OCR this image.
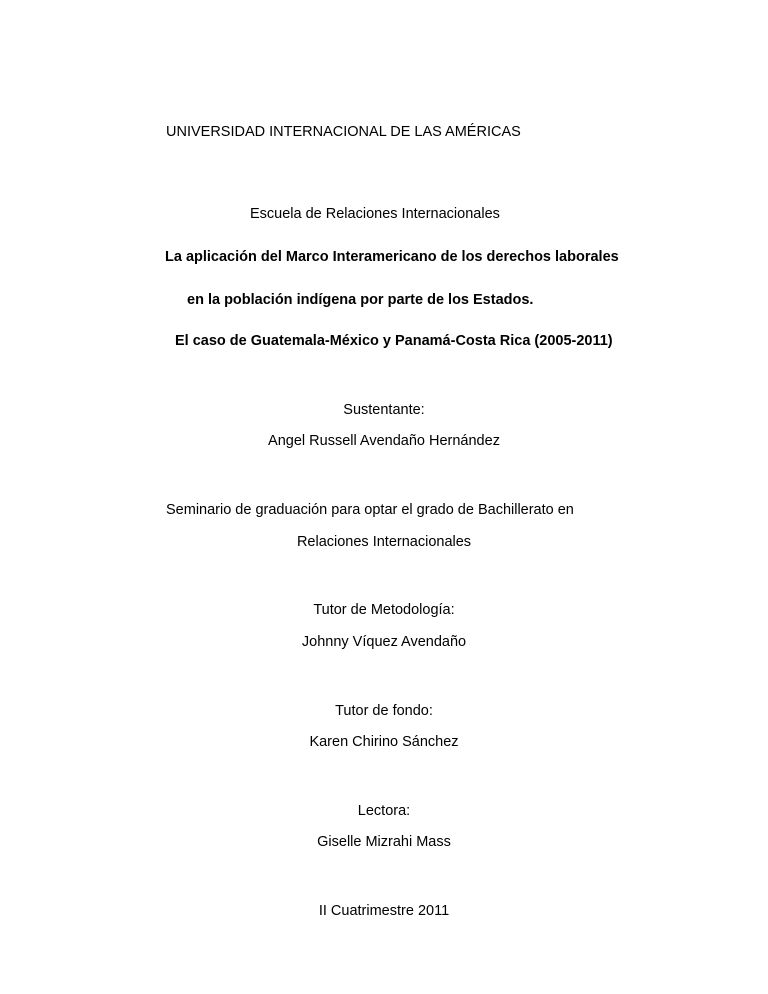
UNIVERSIDAD INTERNACIONAL DE LAS AMÉRICAS
Escuela de Relaciones Internacionales
La aplicación del Marco Interamericano de los derechos laborales
en la población indígena por parte de los Estados.
El caso de Guatemala-México y Panamá-Costa Rica (2005-2011)
Sustentante:
Angel Russell Avendaño Hernández
Seminario de graduación para optar el grado de Bachillerato en
Relaciones Internacionales
Tutor de Metodología:
Johnny Víquez Avendaño
Tutor de fondo:
Karen Chirino Sánchez
Lectora:
Giselle Mizrahi Mass
II Cuatrimestre 2011
